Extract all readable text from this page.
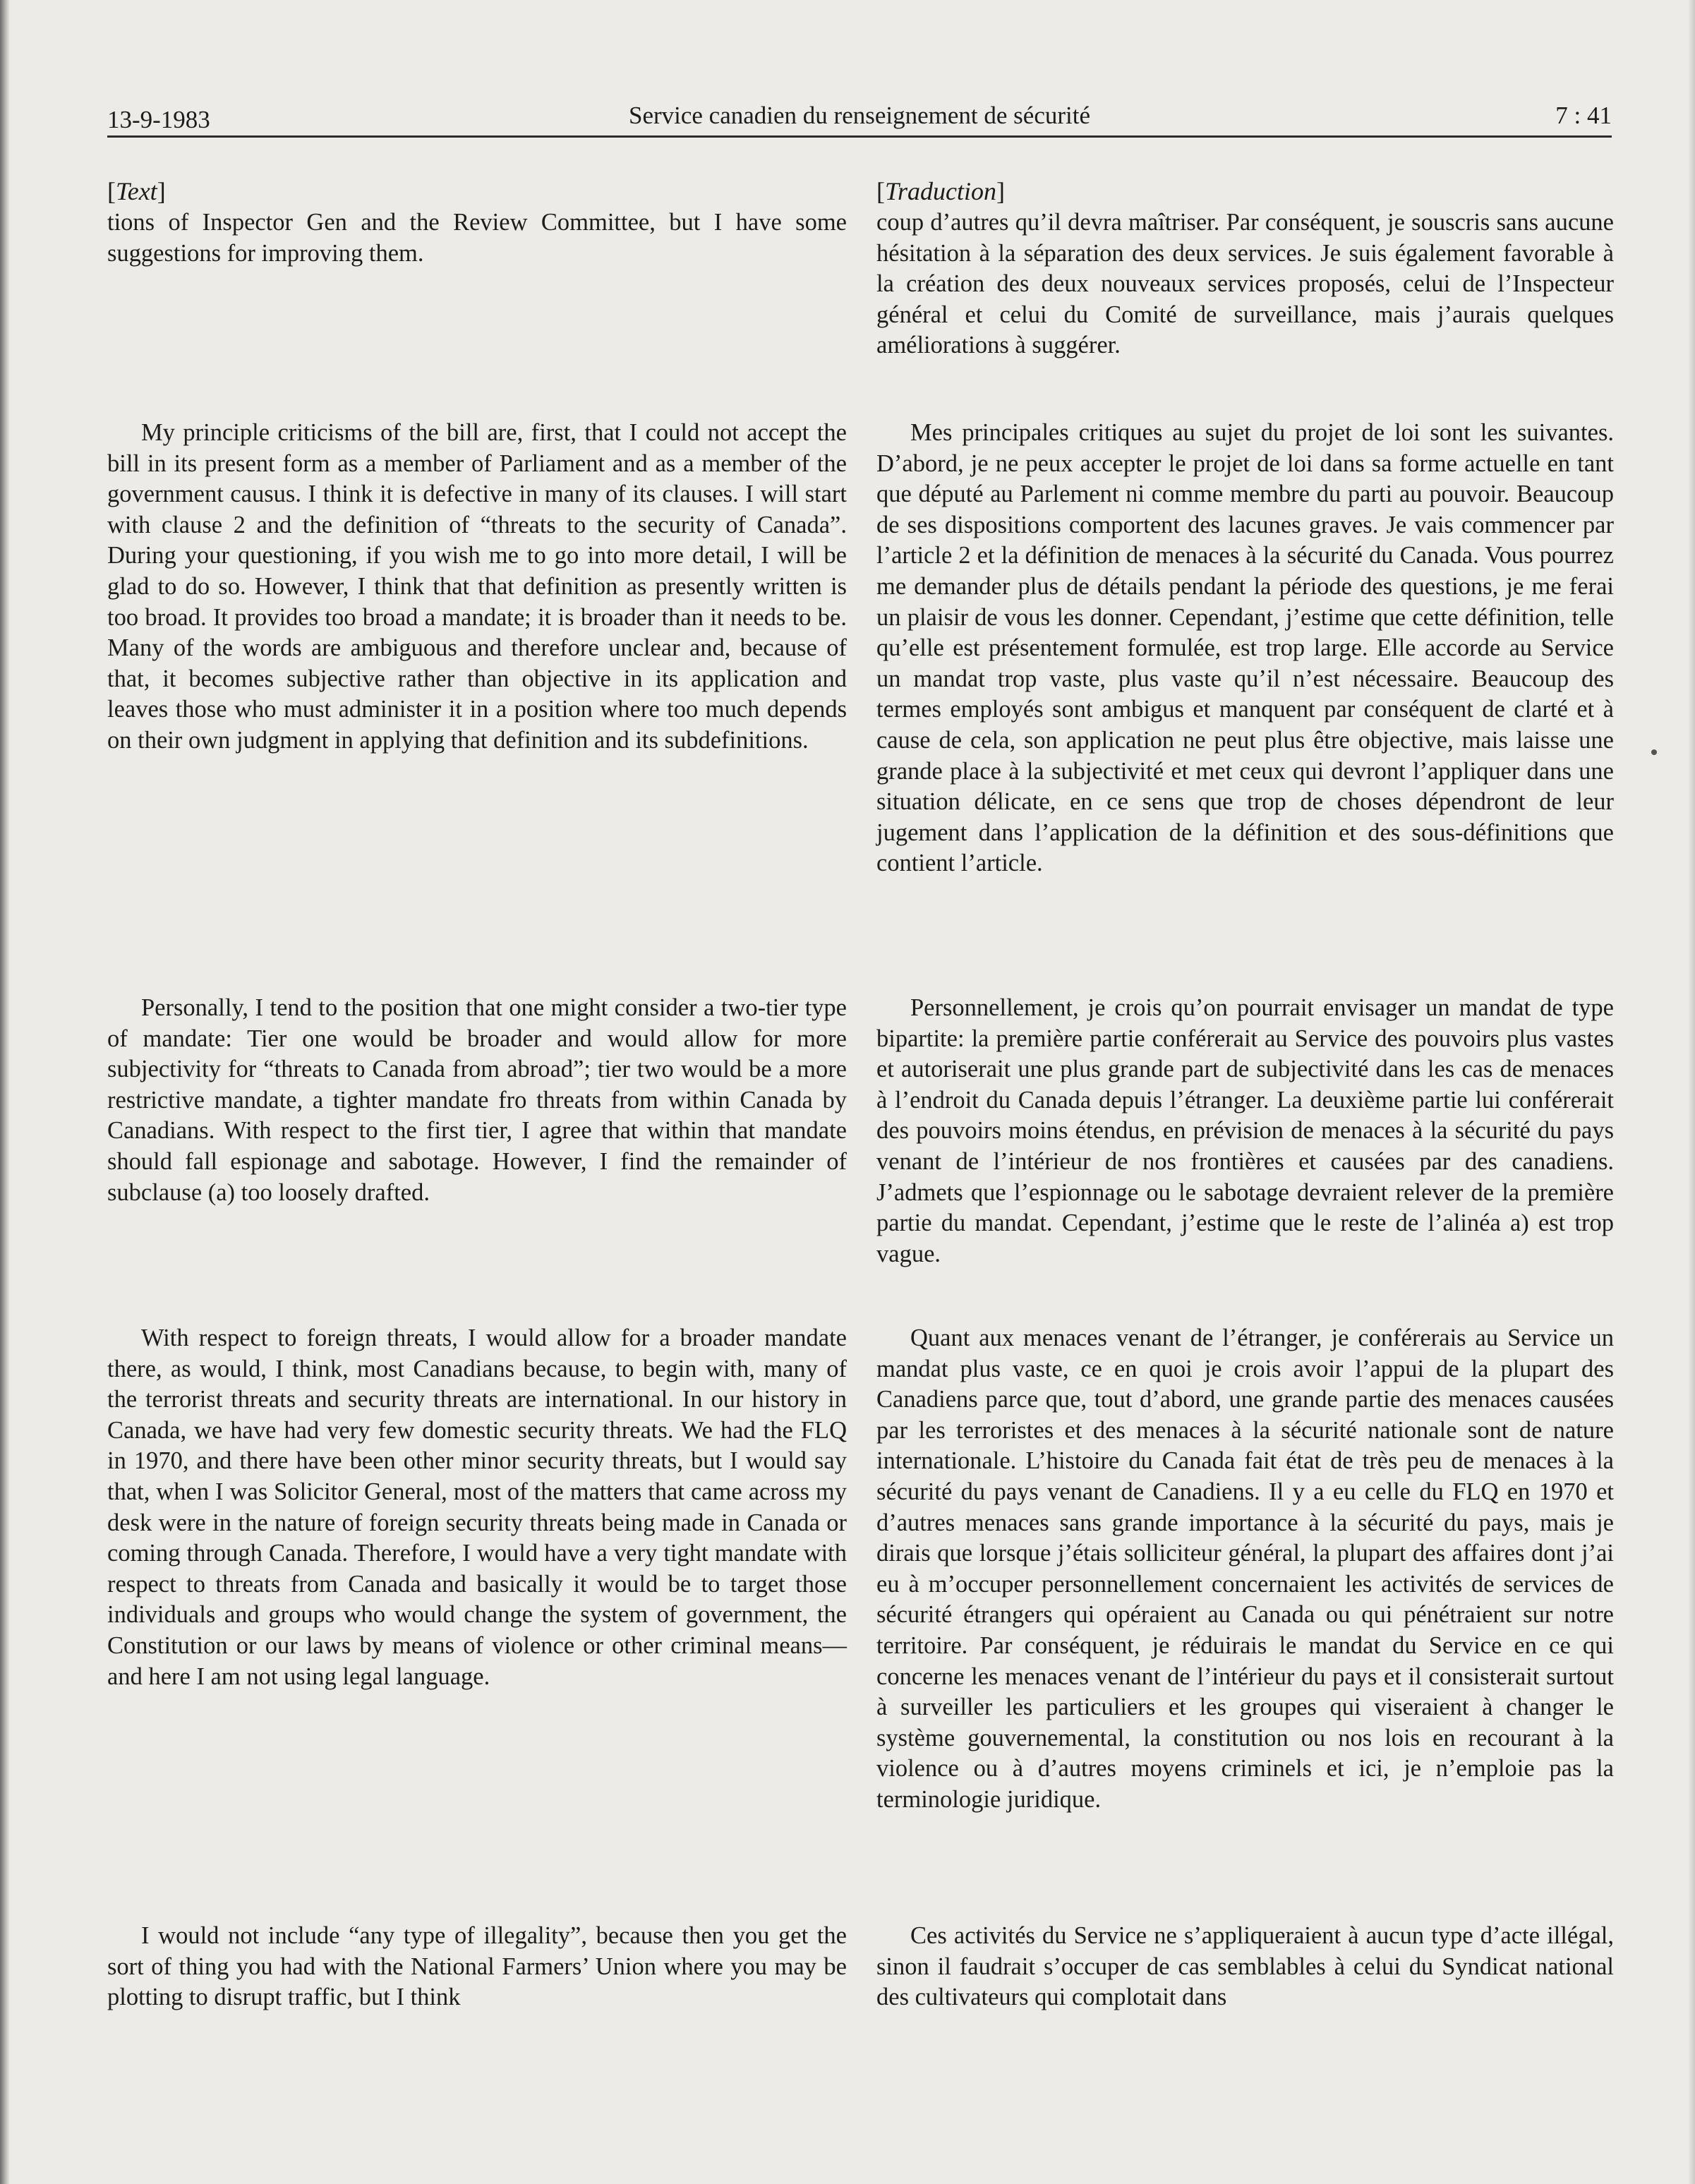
13-9-1983	Service canadien du renseignement de sécurité	7 : 41
[Text]

tions of Inspector Gen and the Review Committee, but I have some suggestions for improving them.

My principle criticisms of the bill are, first, that I could not accept the bill in its present form as a member of Parliament and as a member of the government causus. I think it is defective in many of its clauses. I will start with clause 2 and the definition of “threats to the security of Canada”. During your questioning, if you wish me to go into more detail, I will be glad to do so. However, I think that that definition as presently written is too broad. It provides too broad a mandate; it is broader than it needs to be. Many of the words are ambiguous and therefore unclear and, because of that, it becomes subjective rather than objective in its application and leaves those who must administer it in a position where too much depends on their own judgment in applying that definition and its subdefinitions.

Personally, I tend to the position that one might consider a two-tier type of mandate: Tier one would be broader and would allow for more subjectivity for “threats to Canada from abroad”; tier two would be a more restrictive mandate, a tighter mandate fro threats from within Canada by Canadians. With respect to the first tier, I agree that within that mandate should fall espionage and sabotage. However, I find the remainder of subclause (a) too loosely drafted.

With respect to foreign threats, I would allow for a broader mandate there, as would, I think, most Canadians because, to begin with, many of the terrorist threats and security threats are international. In our history in Canada, we have had very few domestic security threats. We had the FLQ in 1970, and there have been other minor security threats, but I would say that, when I was Solicitor General, most of the matters that came across my desk were in the nature of foreign security threats being made in Canada or coming through Canada. Therefore, I would have a very tight mandate with respect to threats from Canada and basically it would be to target those individuals and groups who would change the system of government, the Constitution or our laws by means of violence or other criminal means—and here I am not using legal language.

I would not include “any type of illegality”, because then you get the sort of thing you had with the National Farmers’ Union where you may be plotting to disrupt traffic, but I think

[Traduction]

coup d’autres qu’il devra maîtriser. Par conséquent, je souscris sans aucune hésitation à la séparation des deux services. Je suis également favorable à la création des deux nouveaux services proposés, celui de l’Inspecteur général et celui du Comité de surveillance, mais j’aurais quelques améliorations à suggérer.

Mes principales critiques au sujet du projet de loi sont les suivantes. D’abord, je ne peux accepter le projet de loi dans sa forme actuelle en tant que député au Parlement ni comme membre du parti au pouvoir. Beaucoup de ses dispositions comportent des lacunes graves. Je vais commencer par l’article 2 et la définition de menaces à la sécurité du Canada. Vous pourrez me demander plus de détails pendant la période des questions, je me ferai un plaisir de vous les donner. Cependant, j’estime que cette définition, telle qu’elle est présentement formulée, est trop large. Elle accorde au Service un mandat trop vaste, plus vaste qu’il n’est nécessaire. Beaucoup des termes employés sont ambigus et manquent par conséquent de clarté et à cause de cela, son application ne peut plus être objective, mais laisse une grande place à la subjectivité et met ceux qui devront l’appliquer dans une situation délicate, en ce sens que trop de choses dépendront de leur jugement dans l’application de la définition et des sous-définitions que contient l’article.

Personnellement, je crois qu’on pourrait envisager un mandat de type bipartite: la première partie conférerait au Service des pouvoirs plus vastes et autoriserait une plus grande part de subjectivité dans les cas de menaces à l’endroit du Canada depuis l’étranger. La deuxième partie lui conférerait des pouvoirs moins étendus, en prévision de menaces à la sécurité du pays venant de l’intérieur de nos frontières et causées par des canadiens. J’admets que l’espionnage ou le sabotage devraient relever de la première partie du mandat. Cependant, j’estime que le reste de l’alinéa a) est trop vague.

Quant aux menaces venant de l’étranger, je conférerais au Service un mandat plus vaste, ce en quoi je crois avoir l’appui de la plupart des Canadiens parce que, tout d’abord, une grande partie des menaces causées par les terroristes et des menaces à la sécurité nationale sont de nature internationale. L’histoire du Canada fait état de très peu de menaces à la sécurité du pays venant de Canadiens. Il y a eu celle du FLQ en 1970 et d’autres menaces sans grande importance à la sécurité du pays, mais je dirais que lorsque j’étais solliciteur général, la plupart des affaires dont j’ai eu à m’occuper personnellement concernaient les activités de services de sécurité étrangers qui opéraient au Canada ou qui pénétraient sur notre territoire. Par conséquent, je réduirais le mandat du Service en ce qui concerne les menaces venant de l’intérieur du pays et il consisterait surtout à surveiller les particuliers et les groupes qui viseraient à changer le système gouvernemental, la constitution ou nos lois en recourant à la violence ou à d’autres moyens criminels et ici, je n’emploie pas la terminologie juridique.

Ces activités du Service ne s’appliqueraient à aucun type d’acte illégal, sinon il faudrait s’occuper de cas semblables à celui du Syndicat national des cultivateurs qui complotait dans
